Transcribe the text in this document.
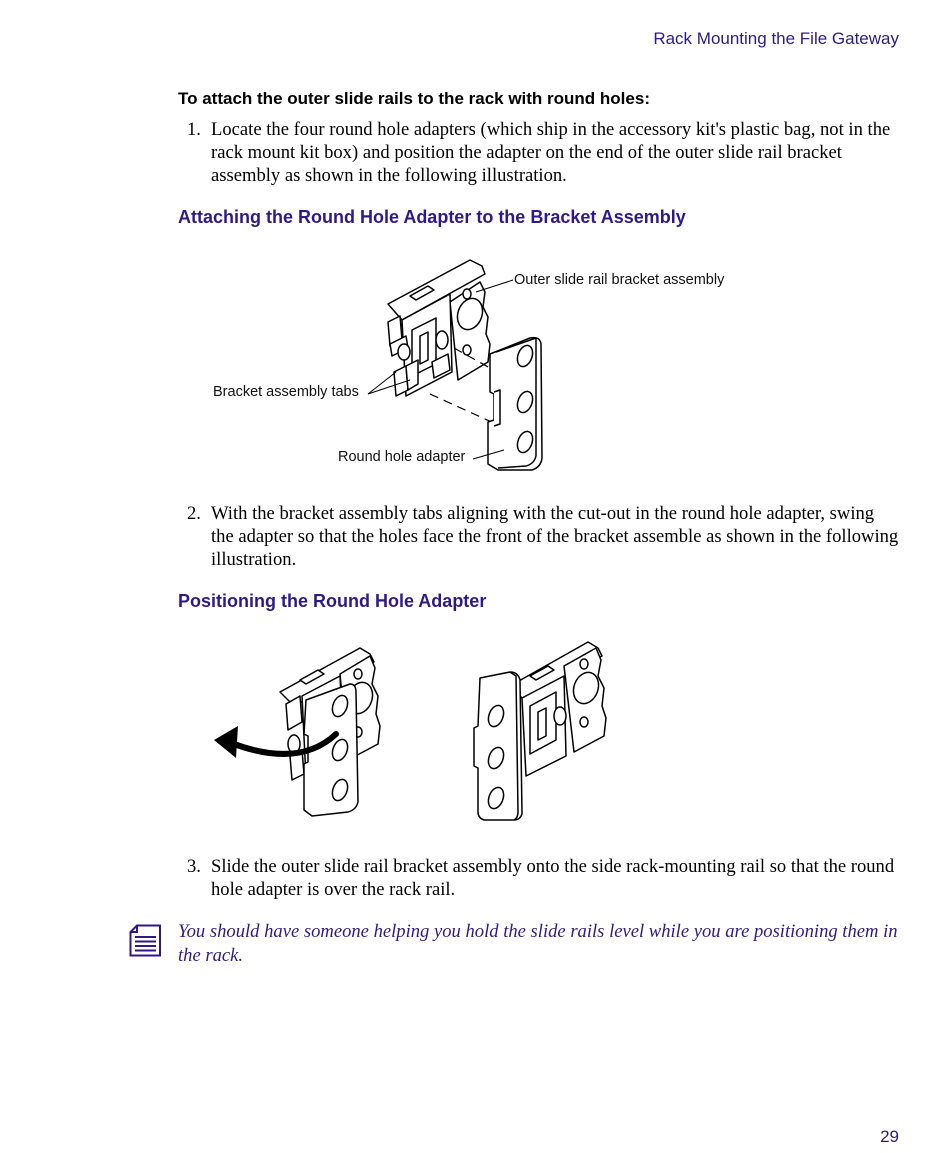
Rack Mounting the File Gateway
To attach the outer slide rails to the rack with round holes:
1. Locate the four round hole adapters (which ship in the accessory kit's plastic bag, not in the rack mount kit box) and position the adapter on the end of the outer slide rail bracket assembly as shown in the following illustration.
Attaching the Round Hole Adapter to the Bracket Assembly
Outer slide rail bracket assembly
Bracket assembly tabs
Round hole adapter
2. With the bracket assembly tabs aligning with the cut-out in the round hole adapter, swing the adapter so that the holes face the front of the bracket assemble as shown in the following illustration.
Positioning the Round Hole Adapter
3. Slide the outer slide rail bracket assembly onto the side rack-mounting rail so that the round hole adapter is over the rack rail.
You should have someone helping you hold the slide rails level while you are positioning them in the rack.
29
